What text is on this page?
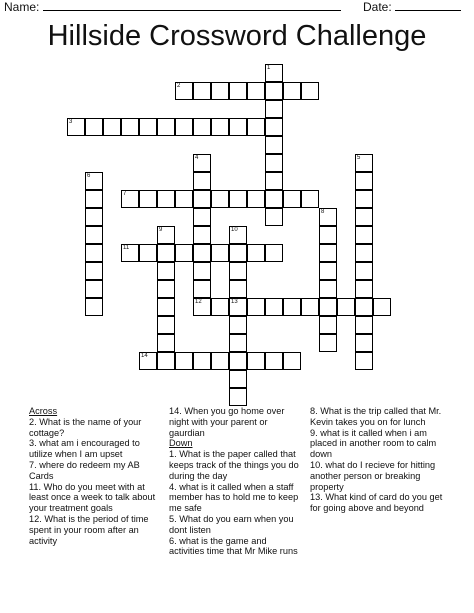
Name:	Date:
Hillside Crossword Challenge
1
2
3
4
12
5
6
7
8
9	10
11
13
14
Across
2. What is the name of your cottage?
3. what am i encouraged to utilize when I am upset
7. where do redeem my AB Cards
11. Who do you meet with at least once a week to talk about your treatment goals
12. What is the period of time spent in your room after an activity
14. When you go home over night with your parent or gaurdian
Down
1. What is the paper called that keeps track of the things you do during the day
4. what is it called when a staff member has to hold me to keep me safe
5. What do you earn when you dont listen
6. what is the game and activities time that Mr Mike runs
8. What is the trip called that Mr. Kevin takes you on for lunch
9. what is it called when i am placed in another room to calm down
10. what do I recieve for hitting another person or breaking property
13. What kind of card do you get for going above and beyond
